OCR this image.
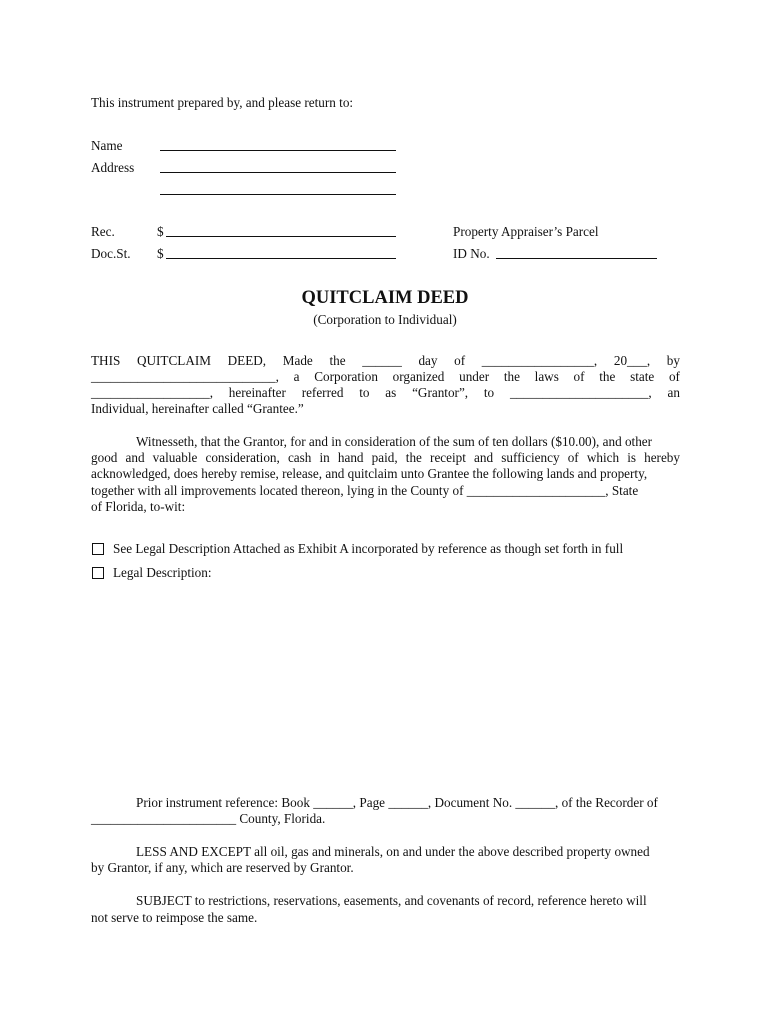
This instrument prepared by, and please return to:
Name
Address
Rec.	$
Doc.St. $
Property Appraiser’s Parcel
ID No.
QUITCLAIM DEED
(Corporation to Individual)
THIS QUITCLAIM DEED, Made the ______ day of _________________, 20___, by
____________________________, a Corporation organized under the laws of the state of
__________________, hereinafter referred to as “Grantor”, to _____________________, an
Individual, hereinafter called “Grantee.”
Witnesseth, that the Grantor, for and in consideration of the sum of ten dollars ($10.00), and other
good and valuable consideration, cash in hand paid, the receipt and sufficiency of which is hereby
acknowledged, does hereby remise, release, and quitclaim unto Grantee the following lands and property,
together with all improvements located thereon, lying in the County of _____________________, State
of Florida, to-wit:
See Legal Description Attached as Exhibit A incorporated by reference as though set forth in full
Legal Description:
Prior instrument reference: Book ______, Page ______, Document No. ______, of the Recorder of
______________________ County, Florida.
LESS AND EXCEPT all oil, gas and minerals, on and under the above described property owned
by Grantor, if any, which are reserved by Grantor.
SUBJECT to restrictions, reservations, easements, and covenants of record, reference hereto will
not serve to reimpose the same.
